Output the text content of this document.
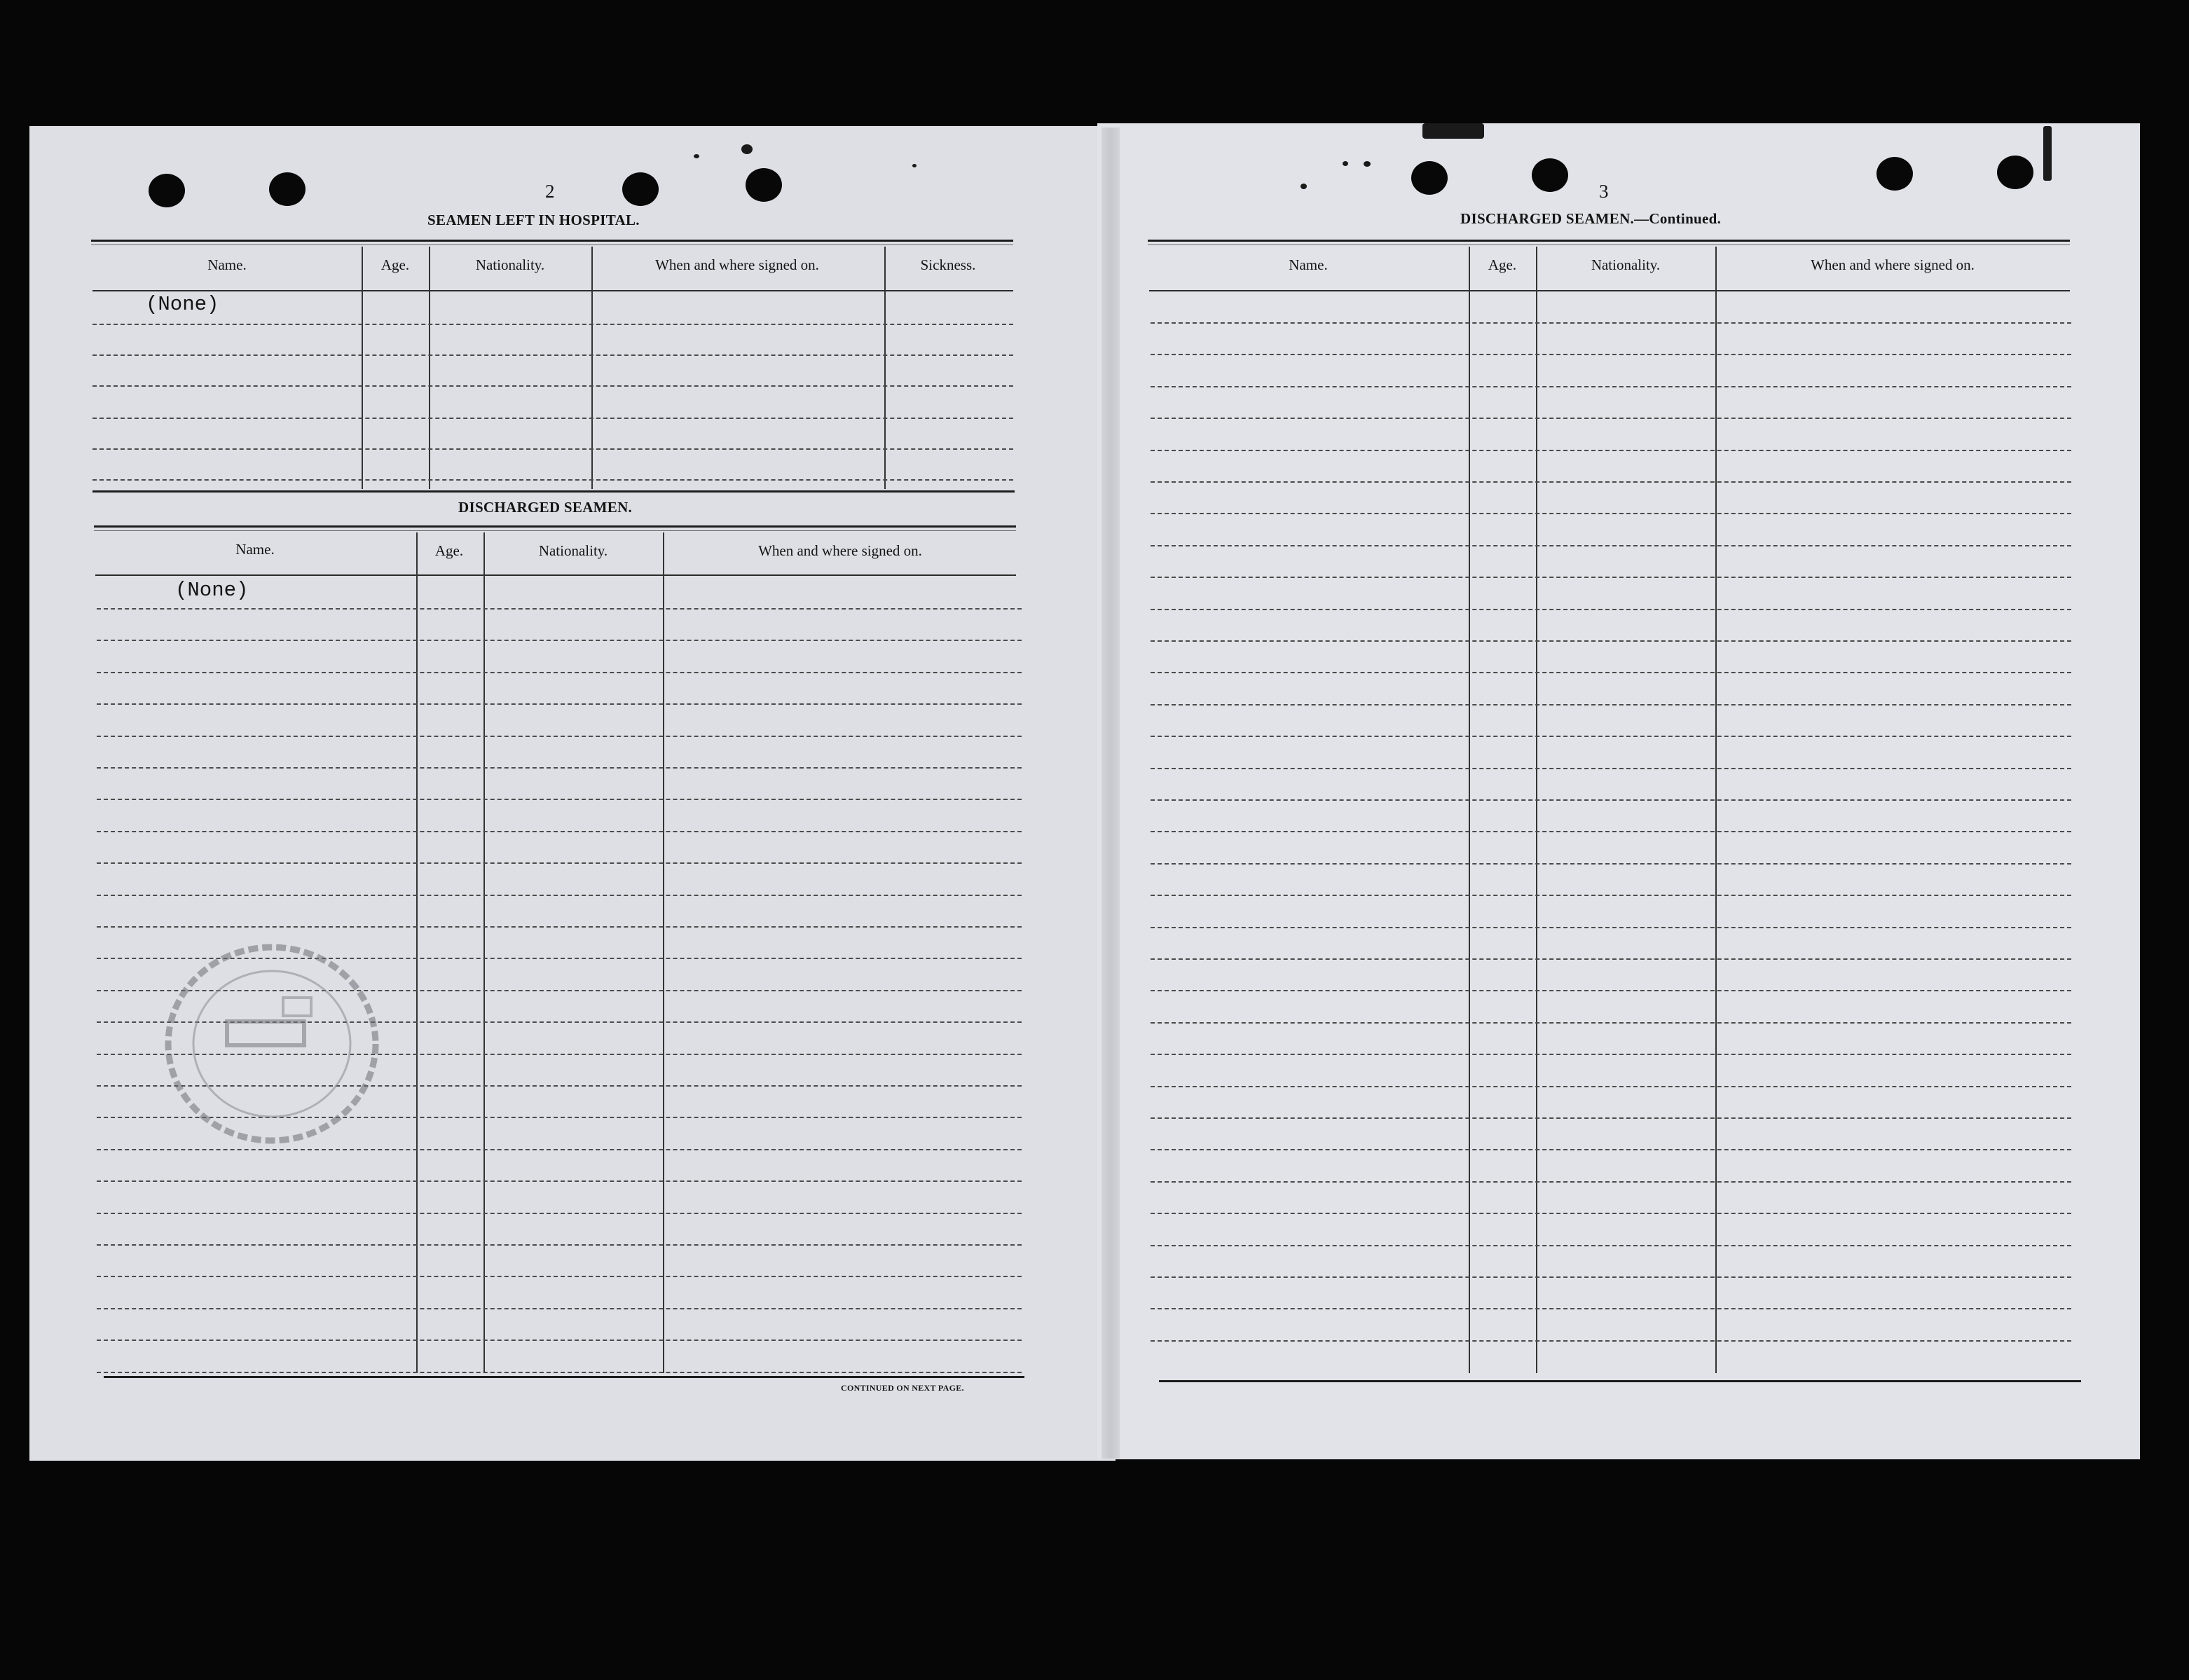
2
SEAMEN LEFT IN HOSPITAL.
Name.	Age.	Nationality.	When and where signed on.	Sickness.
(None)
DISCHARGED SEAMEN.
Name.	Age.	Nationality.	When and where signed on.
(None)
CONTINUED ON NEXT PAGE.
3
DISCHARGED SEAMEN.—Continued.
Name.	Age.	Nationality.	When and where signed on.
